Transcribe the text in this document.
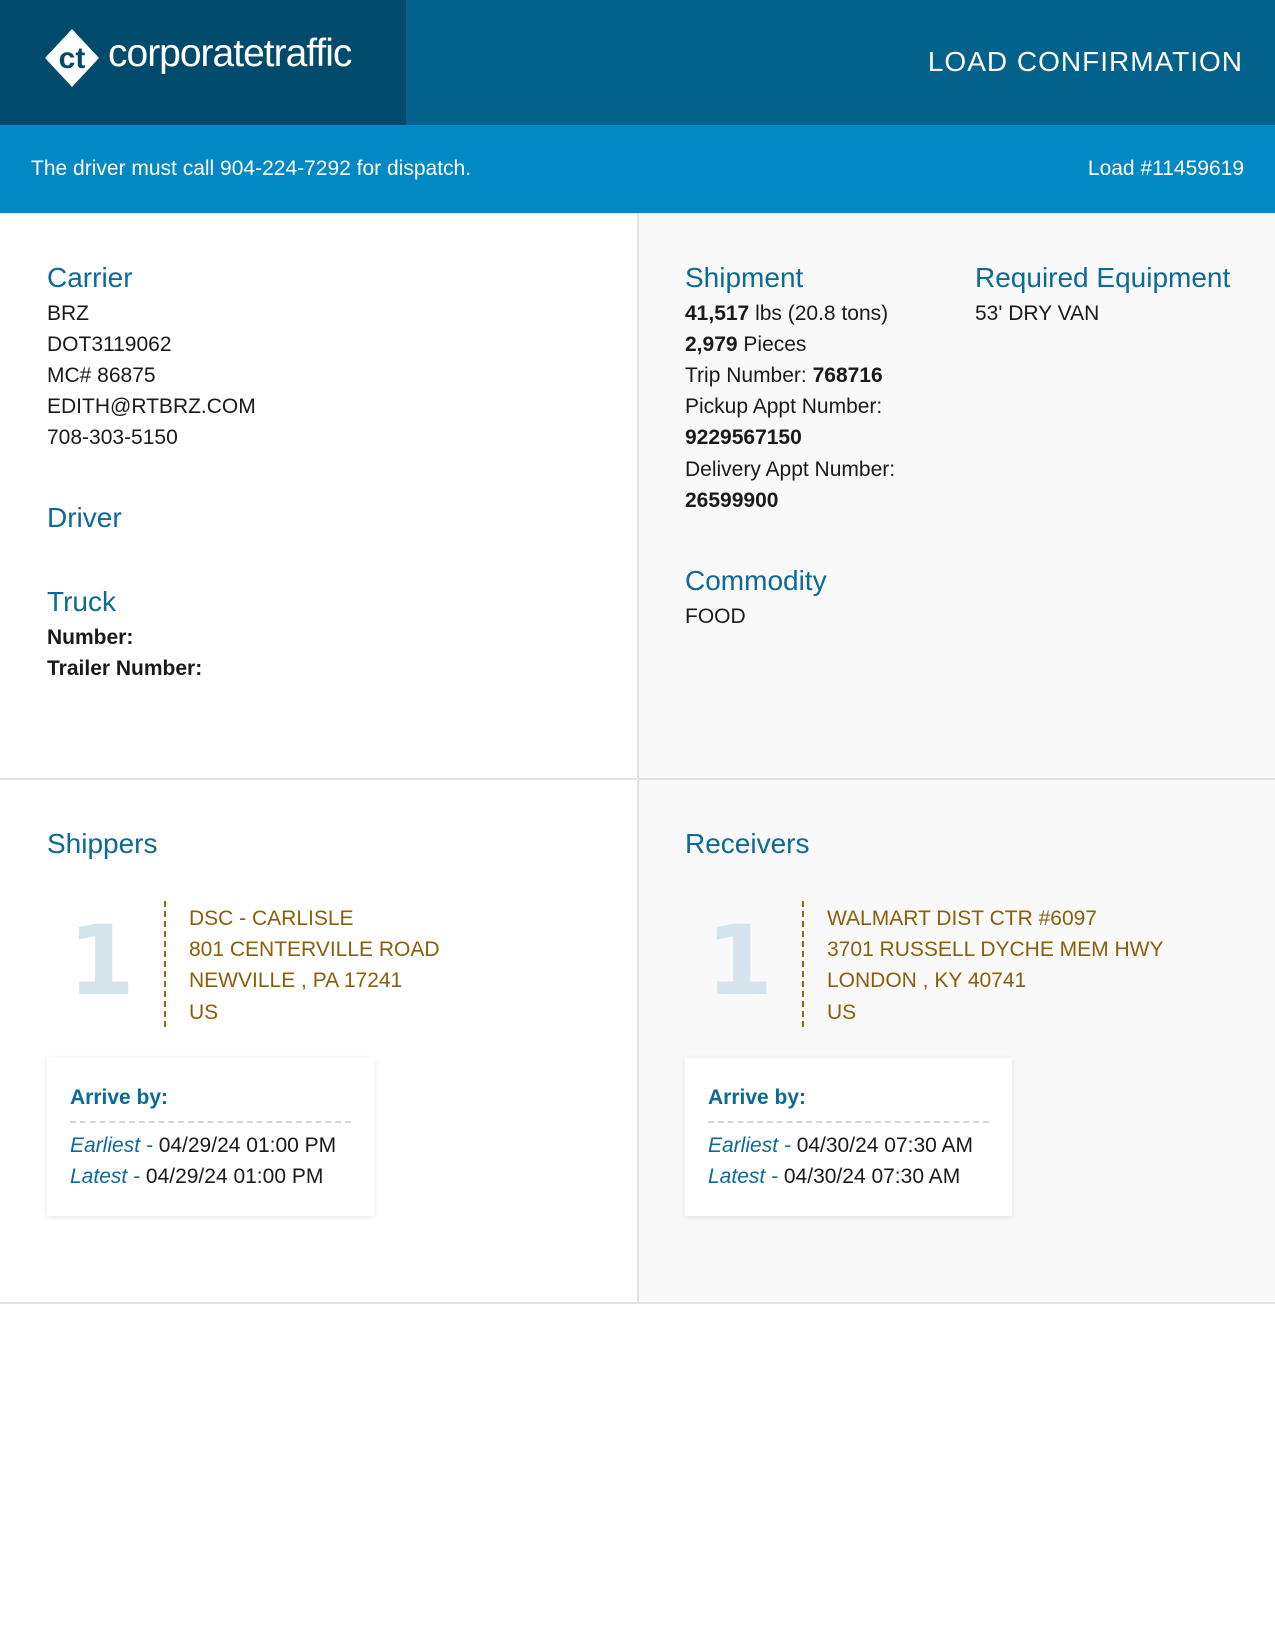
ct corporatetraffic	LOAD CONFIRMATION
The driver must call 904-224-7292 for dispatch.	Load #11459619
Carrier
BRZ
DOT3119062
MC# 86875
EDITH@RTBRZ.COM
708-303-5150
Driver
Truck
Number:
Trailer Number:
Shipment
41,517 lbs (20.8 tons)
2,979 Pieces
Trip Number: 768716
Pickup Appt Number:
9229567150
Delivery Appt Number:
26599900
Required Equipment
53' DRY VAN
Commodity
FOOD
Shippers
1	DSC - CARLISLE
801 CENTERVILLE ROAD
NEWVILLE , PA 17241
US
Arrive by:
Earliest - 04/29/24 01:00 PM
Latest - 04/29/24 01:00 PM
Receivers
1	WALMART DIST CTR #6097
3701 RUSSELL DYCHE MEM HWY
LONDON , KY 40741
US
Arrive by:
Earliest - 04/30/24 07:30 AM
Latest - 04/30/24 07:30 AM
